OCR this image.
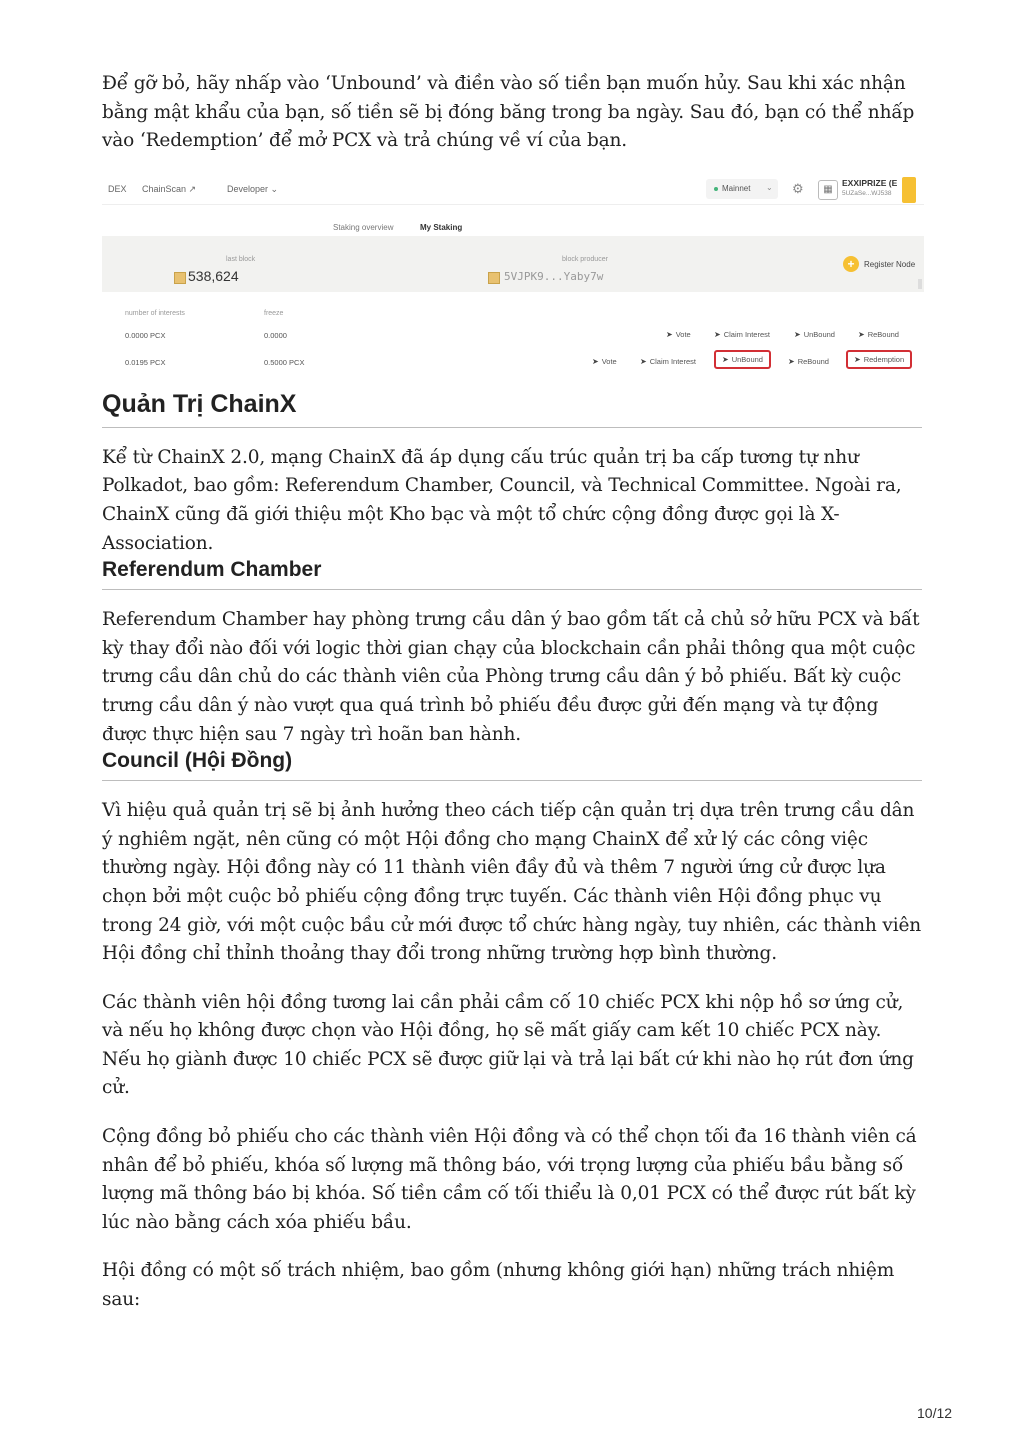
Để gỡ bỏ, hãy nhấp vào ‘Unbound’ và điền vào số tiền bạn muốn hủy. Sau khi xác nhận bằng mật khẩu của bạn, số tiền sẽ bị đóng băng trong ba ngày. Sau đó, bạn có thể nhấp vào ‘Redemption’ để mở PCX và trả chúng về ví của bạn.

DEX ChainScan ↗	Developer ⌄	Mainnet ⌄ ⚙	▦
EXXIPRIZE (E
5UZaSe...WJ538
Staking overview	My Staking
last block
538,624
block producer
5VJPK9...Yaby7w
+	Register Node
number of interests	freeze
0.0000 PCX	0.0000	➤ Vote	➤ Claim Interest	➤ UnBound	➤ ReBound
0.0195 PCX	0.5000 PCX	➤ Vote	➤ Claim Interest	➤ UnBound	➤ ReBound	➤ Redemption
Quản Trị ChainX

Kể từ ChainX 2.0, mạng ChainX đã áp dụng cấu trúc quản trị ba cấp tương tự như Polkadot, bao gồm: Referendum Chamber, Council, và Technical Committee. Ngoài ra, ChainX cũng đã giới thiệu một Kho bạc và một tổ chức cộng đồng được gọi là X-Association.

Referendum Chamber

Referendum Chamber hay phòng trưng cầu dân ý bao gồm tất cả chủ sở hữu PCX và bất kỳ thay đổi nào đối với logic thời gian chạy của blockchain cần phải thông qua một cuộc trưng cầu dân chủ do các thành viên của Phòng trưng cầu dân ý bỏ phiếu. Bất kỳ cuộc trưng cầu dân ý nào vượt qua quá trình bỏ phiếu đều được gửi đến mạng và tự động được thực hiện sau 7 ngày trì hoãn ban hành.

Council (Hội Đồng)

Vì hiệu quả quản trị sẽ bị ảnh hưởng theo cách tiếp cận quản trị dựa trên trưng cầu dân ý nghiêm ngặt, nên cũng có một Hội đồng cho mạng ChainX để xử lý các công việc thường ngày. Hội đồng này có 11 thành viên đầy đủ và thêm 7 người ứng cử được lựa chọn bởi một cuộc bỏ phiếu cộng đồng trực tuyến. Các thành viên Hội đồng phục vụ trong 24 giờ, với một cuộc bầu cử mới được tổ chức hàng ngày, tuy nhiên, các thành viên Hội đồng chỉ thỉnh thoảng thay đổi trong những trường hợp bình thường.

Các thành viên hội đồng tương lai cần phải cầm cố 10 chiếc PCX khi nộp hồ sơ ứng cử, và nếu họ không được chọn vào Hội đồng, họ sẽ mất giấy cam kết 10 chiếc PCX này. Nếu họ giành được 10 chiếc PCX sẽ được giữ lại và trả lại bất cứ khi nào họ rút đơn ứng cử.

Cộng đồng bỏ phiếu cho các thành viên Hội đồng và có thể chọn tối đa 16 thành viên cá nhân để bỏ phiếu, khóa số lượng mã thông báo, với trọng lượng của phiếu bầu bằng số lượng mã thông báo bị khóa. Số tiền cầm cố tối thiểu là 0,01 PCX có thể được rút bất kỳ lúc nào bằng cách xóa phiếu bầu.

Hội đồng có một số trách nhiệm, bao gồm (nhưng không giới hạn) những trách nhiệm sau:

10/12
